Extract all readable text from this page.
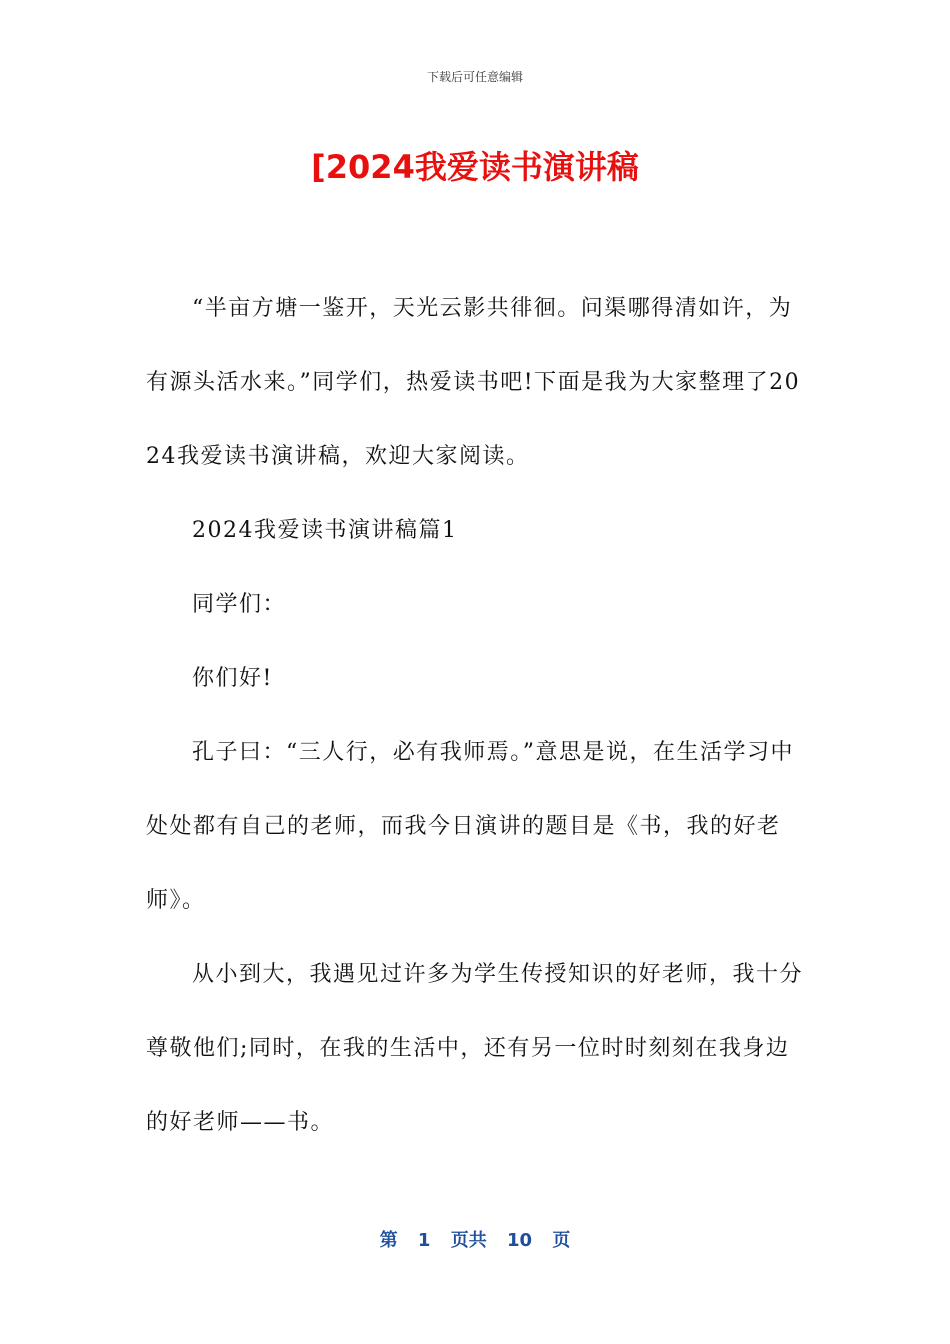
下载后可任意编辑
[2024我爱读书演讲稿

“半亩方塘一鉴开，天光云影共徘徊。问渠哪得清如许，为有源头活水来。”同学们，热爱读书吧!下面是我为大家整理了2024我爱读书演讲稿，欢迎大家阅读。

2024我爱读书演讲稿篇1

同学们：

你们好!

孔子曰：“三人行，必有我师焉。”意思是说，在生活学习中处处都有自己的老师，而我今日演讲的题目是《书，我的好老师》。

从小到大，我遇见过许多为学生传授知识的好老师，我十分尊敬他们;同时，在我的生活中，还有另一位时时刻刻在我身边的好老师——书。

第 1 页共 10 页
